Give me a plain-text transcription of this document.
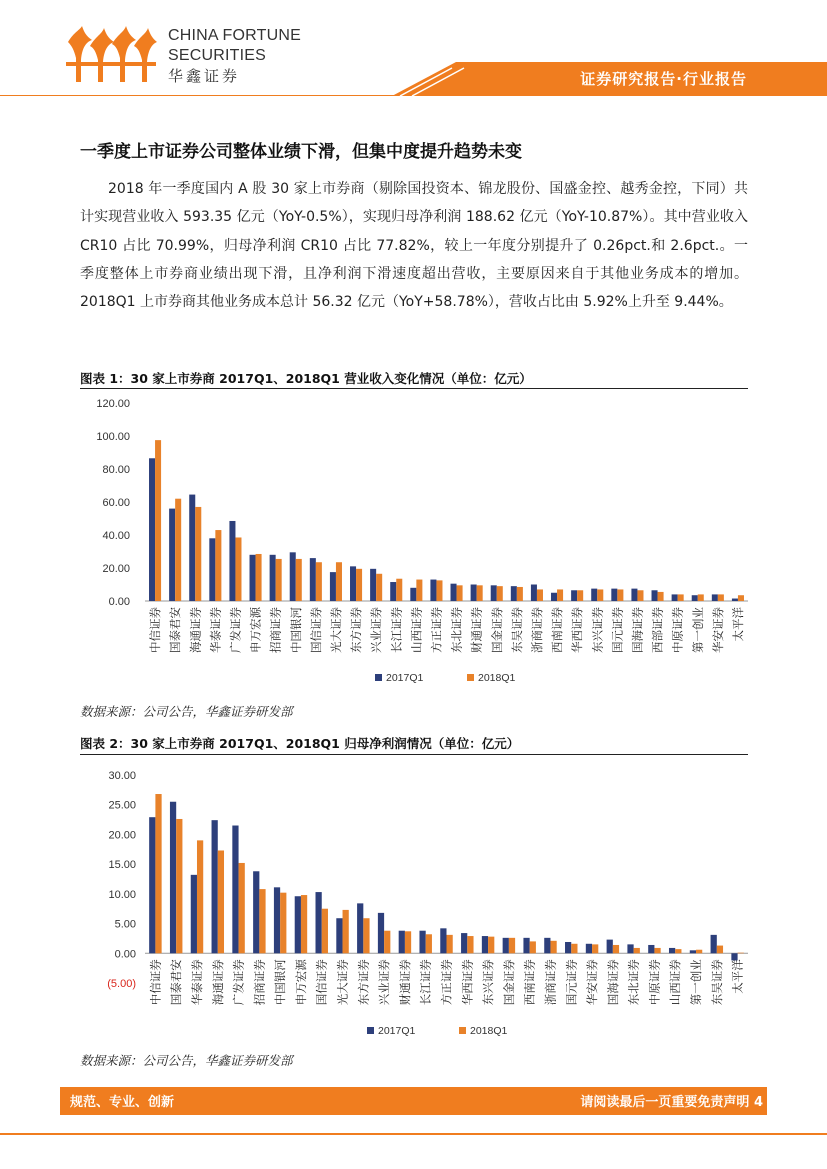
CHINA FORTUNE
SECURITIES
华鑫证券	证券研究报告·行业报告
一季度上市证券公司整体业绩下滑，但集中度提升趋势未变
2018 年一季度国内 A 股 30 家上市券商（剔除国投资本、锦龙股份、国盛金控、越秀金控，下同）共计实现营业收入 593.35 亿元（YoY-0.5%），实现归母净利润 188.62 亿元（YoY-10.87%）。其中营业收入 CR10 占比 70.99%，归母净利润 CR10 占比 77.82%，较上一年度分别提升了 0.26pct.和 2.6pct.。一季度整体上市券商业绩出现下滑，且净利润下滑速度超出营收，主要原因来自于其他业务成本的增加。2018Q1 上市券商其他业务成本总计 56.32 亿元（YoY+58.78%），营收占比由 5.92%上升至 9.44%。
图表 1：30 家上市券商 2017Q1、2018Q1 营业收入变化情况（单位：亿元）
0.00
20.00
40.00
60.00
80.00
100.00
120.00
中信证券 国泰君安 海通证券 华泰证券 广发证券 申万宏源 招商证券 中国银河 国信证券 光大证券 东方证券 兴业证券 长江证券 山西证券 方正证券 东北证券 财通证券 国金证券 东吴证券 浙商证券 西南证券 华西证券 东兴证券 国元证券 国海证券 西部证券 中原证券 第一创业 华安证券 太平洋
2017Q1	2018Q1
数据来源：公司公告，华鑫证券研发部
图表 2：30 家上市券商 2017Q1、2018Q1 归母净利润情况（单位：亿元）
(5.00)
0.00
5.00
10.00
15.00
20.00
25.00
30.00
中信证券 国泰君安 华泰证券 海通证券 广发证券 招商证券 中国银河 申万宏源 国信证券 光大证券 东方证券 兴业证券 财通证券 长江证券 方正证券 华西证券 东兴证券 国金证券 西南证券 浙商证券 国元证券 华安证券 国海证券 东北证券 中原证券 山西证券 第一创业 东吴证券 太平洋
2017Q1	2018Q1
数据来源：公司公告，华鑫证券研发部
规范、专业、创新	请阅读最后一页重要免责声明 4
